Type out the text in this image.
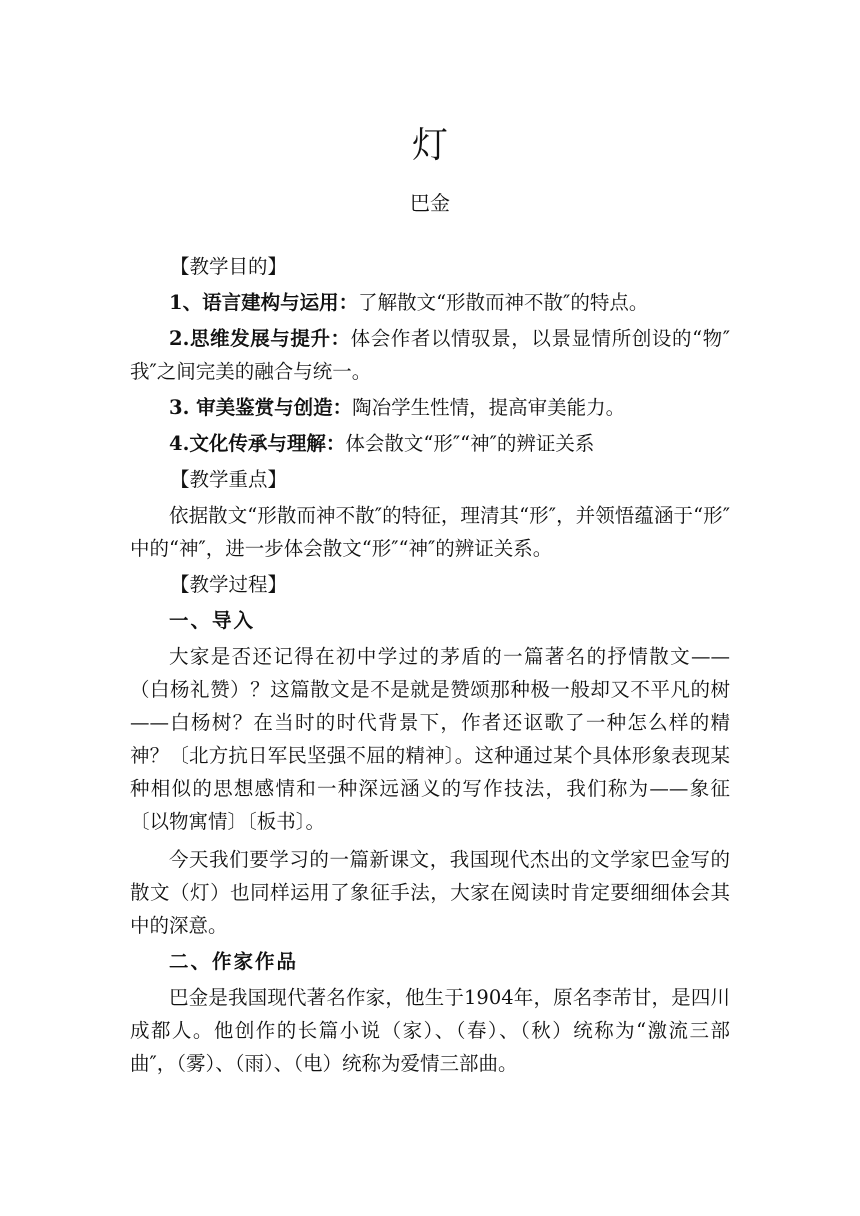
灯
巴金

【教学目的】

1、语言建构与运用：了解散文“形散而神不散″的特点。

2.思维发展与提升：体会作者以情驭景，以景显情所创设的“物″我″之间完美的融合与统一。

3. 审美鉴赏与创造：陶冶学生性情，提高审美能力。

4.文化传承与理解：体会散文“形″“神″的辨证关系

【教学重点】

依据散文“形散而神不散″的特征，理清其“形″，并领悟蕴涵于“形″中的“神″，进一步体会散文“形″“神″的辨证关系。

【教学过程】

一、导入

大家是否还记得在初中学过的茅盾的一篇著名的抒情散文——（白杨礼赞）？这篇散文是不是就是赞颂那种极一般却又不平凡的树——白杨树？在当时的时代背景下，作者还讴歌了一种怎么样的精神？〔北方抗日军民坚强不屈的精神〕。这种通过某个具体形象表现某种相似的思想感情和一种深远涵义的写作技法，我们称为——象征〔以物寓情〕〔板书〕。

今天我们要学习的一篇新课文，我国现代杰出的文学家巴金写的散文（灯）也同样运用了象征手法，大家在阅读时肯定要细细体会其中的深意。

二、作家作品

巴金是我国现代著名作家，他生于1904年，原名李芾甘，是四川成都人。他创作的长篇小说（家）、（春）、（秋）统称为“激流三部曲″，（雾）、（雨）、（电）统称为爱情三部曲。
